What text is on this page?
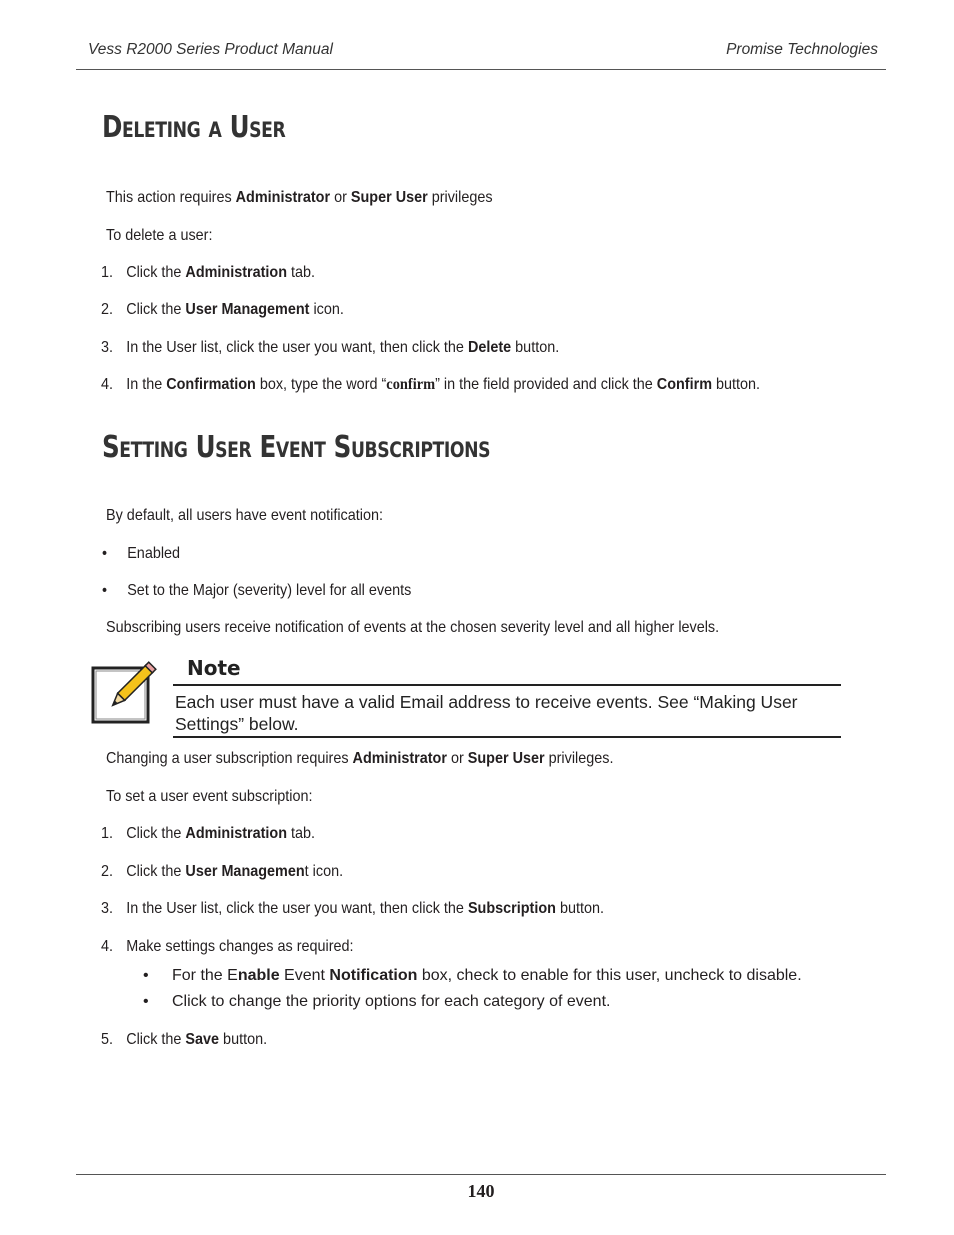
Vess R2000 Series Product Manual	Promise Technologies
Deleting a User
This action requires Administrator or Super User privileges
To delete a user:
1. Click the Administration tab.
2. Click the User Management icon.
3. In the User list, click the user you want, then click the Delete button.
4. In the Confirmation box, type the word “confirm” in the field provided and click the Confirm button.
Setting User Event Subscriptions
By default, all users have event notification:
• Enabled
• Set to the Major (severity) level for all events
Subscribing users receive notification of events at the chosen severity level and all higher levels.
Note
Each user must have a valid Email address to receive events. See “Making User Settings” below.
Changing a user subscription requires Administrator or Super User privileges.
To set a user event subscription:
1. Click the Administration tab.
2. Click the User Management icon.
3. In the User list, click the user you want, then click the Subscription button.
4. Make settings changes as required:
• For the Enable Event Notification box, check to enable for this user, uncheck to disable.
• Click to change the priority options for each category of event.
5. Click the Save button.
140
